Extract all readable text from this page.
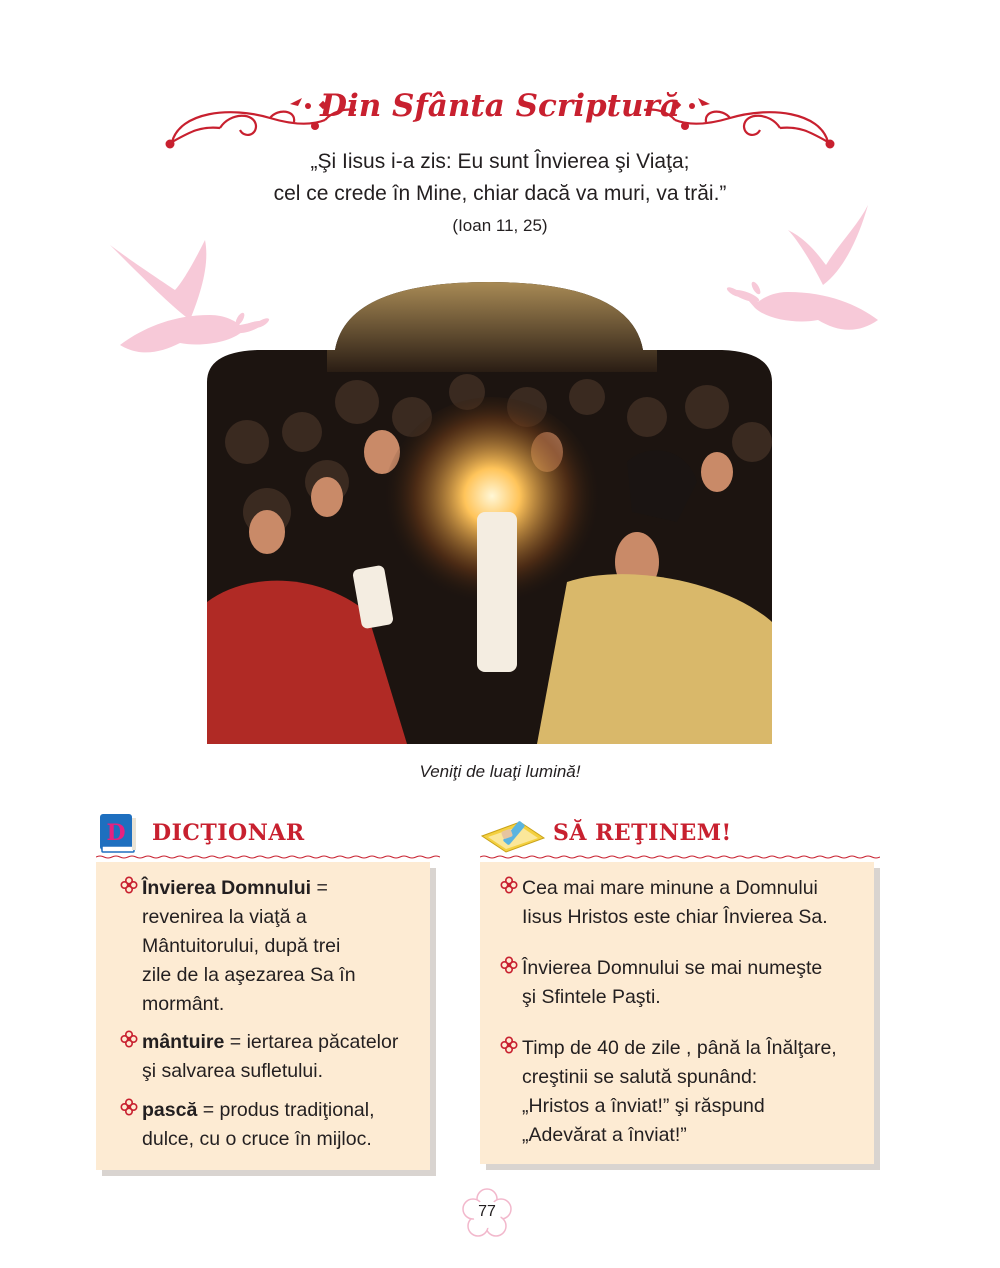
Din Sfânta Scriptură
„Şi Iisus i-a zis: Eu sunt Învierea şi Viaţa;
cel ce crede în Mine, chiar dacă va muri, va trăi.”
(Ioan 11, 25)
Veniţi de luaţi lumină!
D DICŢIONAR
Învierea Domnului =
revenirea la viaţă a
Mântuitorului, după trei
zile de la aşezarea Sa în
mormânt.
mântuire = iertarea păcatelor
şi salvarea sufletului.
pască = produs tradiţional,
dulce, cu o cruce în mijloc.
SĂ REŢINEM!
Cea mai mare minune a Domnului
Iisus Hristos este chiar Învierea Sa.
Învierea Domnului se mai numeşte
şi Sfintele Paşti.
Timp de 40 de zile , până la Înălţare,
creştinii se salută spunând:
„Hristos a înviat!” şi răspund
„Adevărat a înviat!”
77
